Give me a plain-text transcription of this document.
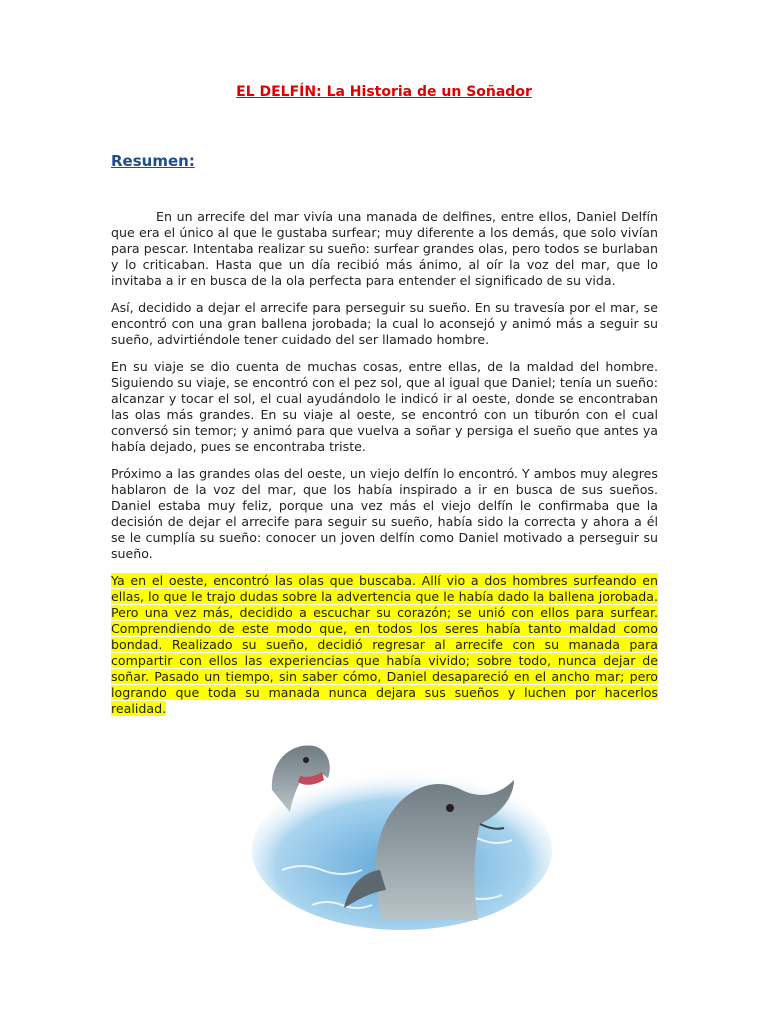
EL DELFÍN: La Historia de un Soñador
Resumen:

En un arrecife del mar vivía una manada de delfines, entre ellos, Daniel Delfín que era el único al que le gustaba surfear; muy diferente a los demás, que solo vivían para pescar. Intentaba realizar su sueño: surfear grandes olas, pero todos se burlaban y lo criticaban. Hasta que un día recibió más ánimo, al oír la voz del mar, que lo invitaba a ir en busca de la ola perfecta para entender el significado de su vida.

Así, decidido a dejar el arrecife para perseguir su sueño. En su travesía por el mar, se encontró con una gran ballena jorobada; la cual lo aconsejó y animó más a seguir su sueño, advirtiéndole tener cuidado del ser llamado hombre.

En su viaje se dio cuenta de muchas cosas, entre ellas, de la maldad del hombre. Siguiendo su viaje, se encontró con el pez sol, que al igual que Daniel; tenía un sueño: alcanzar y tocar el sol, el cual ayudándolo le indicó ir al oeste, donde se encontraban las olas más grandes. En su viaje al oeste, se encontró con un tiburón con el cual conversó sin temor; y animó para que vuelva a soñar y persiga el sueño que antes ya había dejado, pues se encontraba triste.

Próximo a las grandes olas del oeste, un viejo delfín lo encontró. Y ambos muy alegres hablaron de la voz del mar, que los había inspirado a ir en busca de sus sueños. Daniel estaba muy feliz, porque una vez más el viejo delfín le confirmaba que la decisión de dejar el arrecife para seguir su sueño, había sido la correcta y ahora a él se le cumplía su sueño: conocer un joven delfín como Daniel motivado a perseguir su sueño.

Ya en el oeste, encontró las olas que buscaba. Allí vio a dos hombres surfeando en ellas, lo que le trajo dudas sobre la advertencia que le había dado la ballena jorobada. Pero una vez más, decidido a escuchar su corazón; se unió con ellos para surfear. Comprendiendo de este modo que, en todos los seres había tanto maldad como bondad. Realizado su sueño, decidió regresar al arrecife con su manada para compartir con ellos las experiencias que había vivido; sobre todo, nunca dejar de soñar. Pasado un tiempo, sin saber cómo, Daniel desapareció en el ancho mar; pero logrando que toda su manada nunca dejara sus sueños y luchen por hacerlos realidad.
